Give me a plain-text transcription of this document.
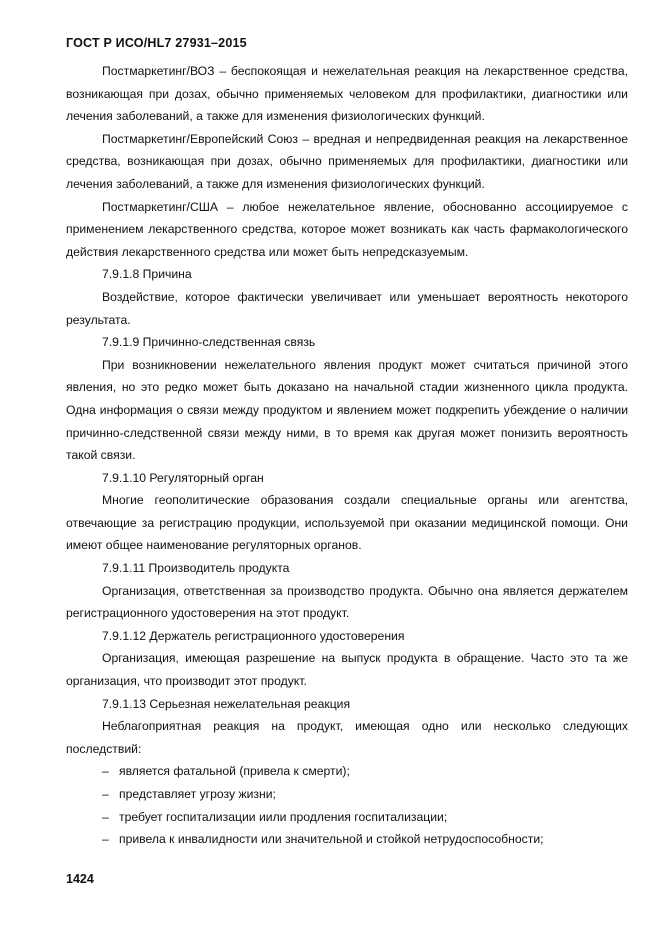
ГОСТ Р ИСО/HL7 27931–2015

Постмаркетинг/ВОЗ – беспокоящая и нежелательная реакция на лекарственное средства, возникающая при дозах, обычно применяемых человеком для профилактики, диагностики или лечения заболеваний, а также для изменения физиологических функций.

Постмаркетинг/Европейский Союз – вредная и непредвиденная реакция на лекарственное средства, возникающая при дозах, обычно применяемых для профилактики, диагностики или лечения заболеваний, а также для изменения физиологических функций.

Постмаркетинг/США – любое нежелательное явление, обоснованно ассоциируемое с применением лекарственного средства, которое может возникать как часть фармакологического действия лекарственного средства или может быть непредсказуемым.

7.9.1.8 Причина

Воздействие, которое фактически увеличивает или уменьшает вероятность некоторого результата.

7.9.1.9 Причинно-следственная связь

При возникновении нежелательного явления продукт может считаться причиной этого явления, но это редко может быть доказано на начальной стадии жизненного цикла продукта. Одна информация о связи между продуктом и явлением может подкрепить убеждение о наличии причинно-следственной связи между ними, в то время как другая может понизить вероятность такой связи.

7.9.1.10 Регуляторный орган

Многие геополитические образования создали специальные органы или агентства, отвечающие за регистрацию продукции, используемой при оказании медицинской помощи. Они имеют общее наименование регуляторных органов.

7.9.1.11 Производитель продукта

Организация, ответственная за производство продукта. Обычно она является держателем регистрационного удостоверения на этот продукт.

7.9.1.12 Держатель регистрационного удостоверения

Организация, имеющая разрешение на выпуск продукта в обращение. Часто это та же организация, что производит этот продукт.

7.9.1.13 Серьезная нежелательная реакция

Неблагоприятная реакция на продукт, имеющая одно или несколько следующих последствий:

– является фатальной (привела к смерти);
– представляет угрозу жизни;
– требует госпитализации иили продления госпитализации;
– привела к инвалидности или значительной и стойкой нетрудоспособности;
1424
